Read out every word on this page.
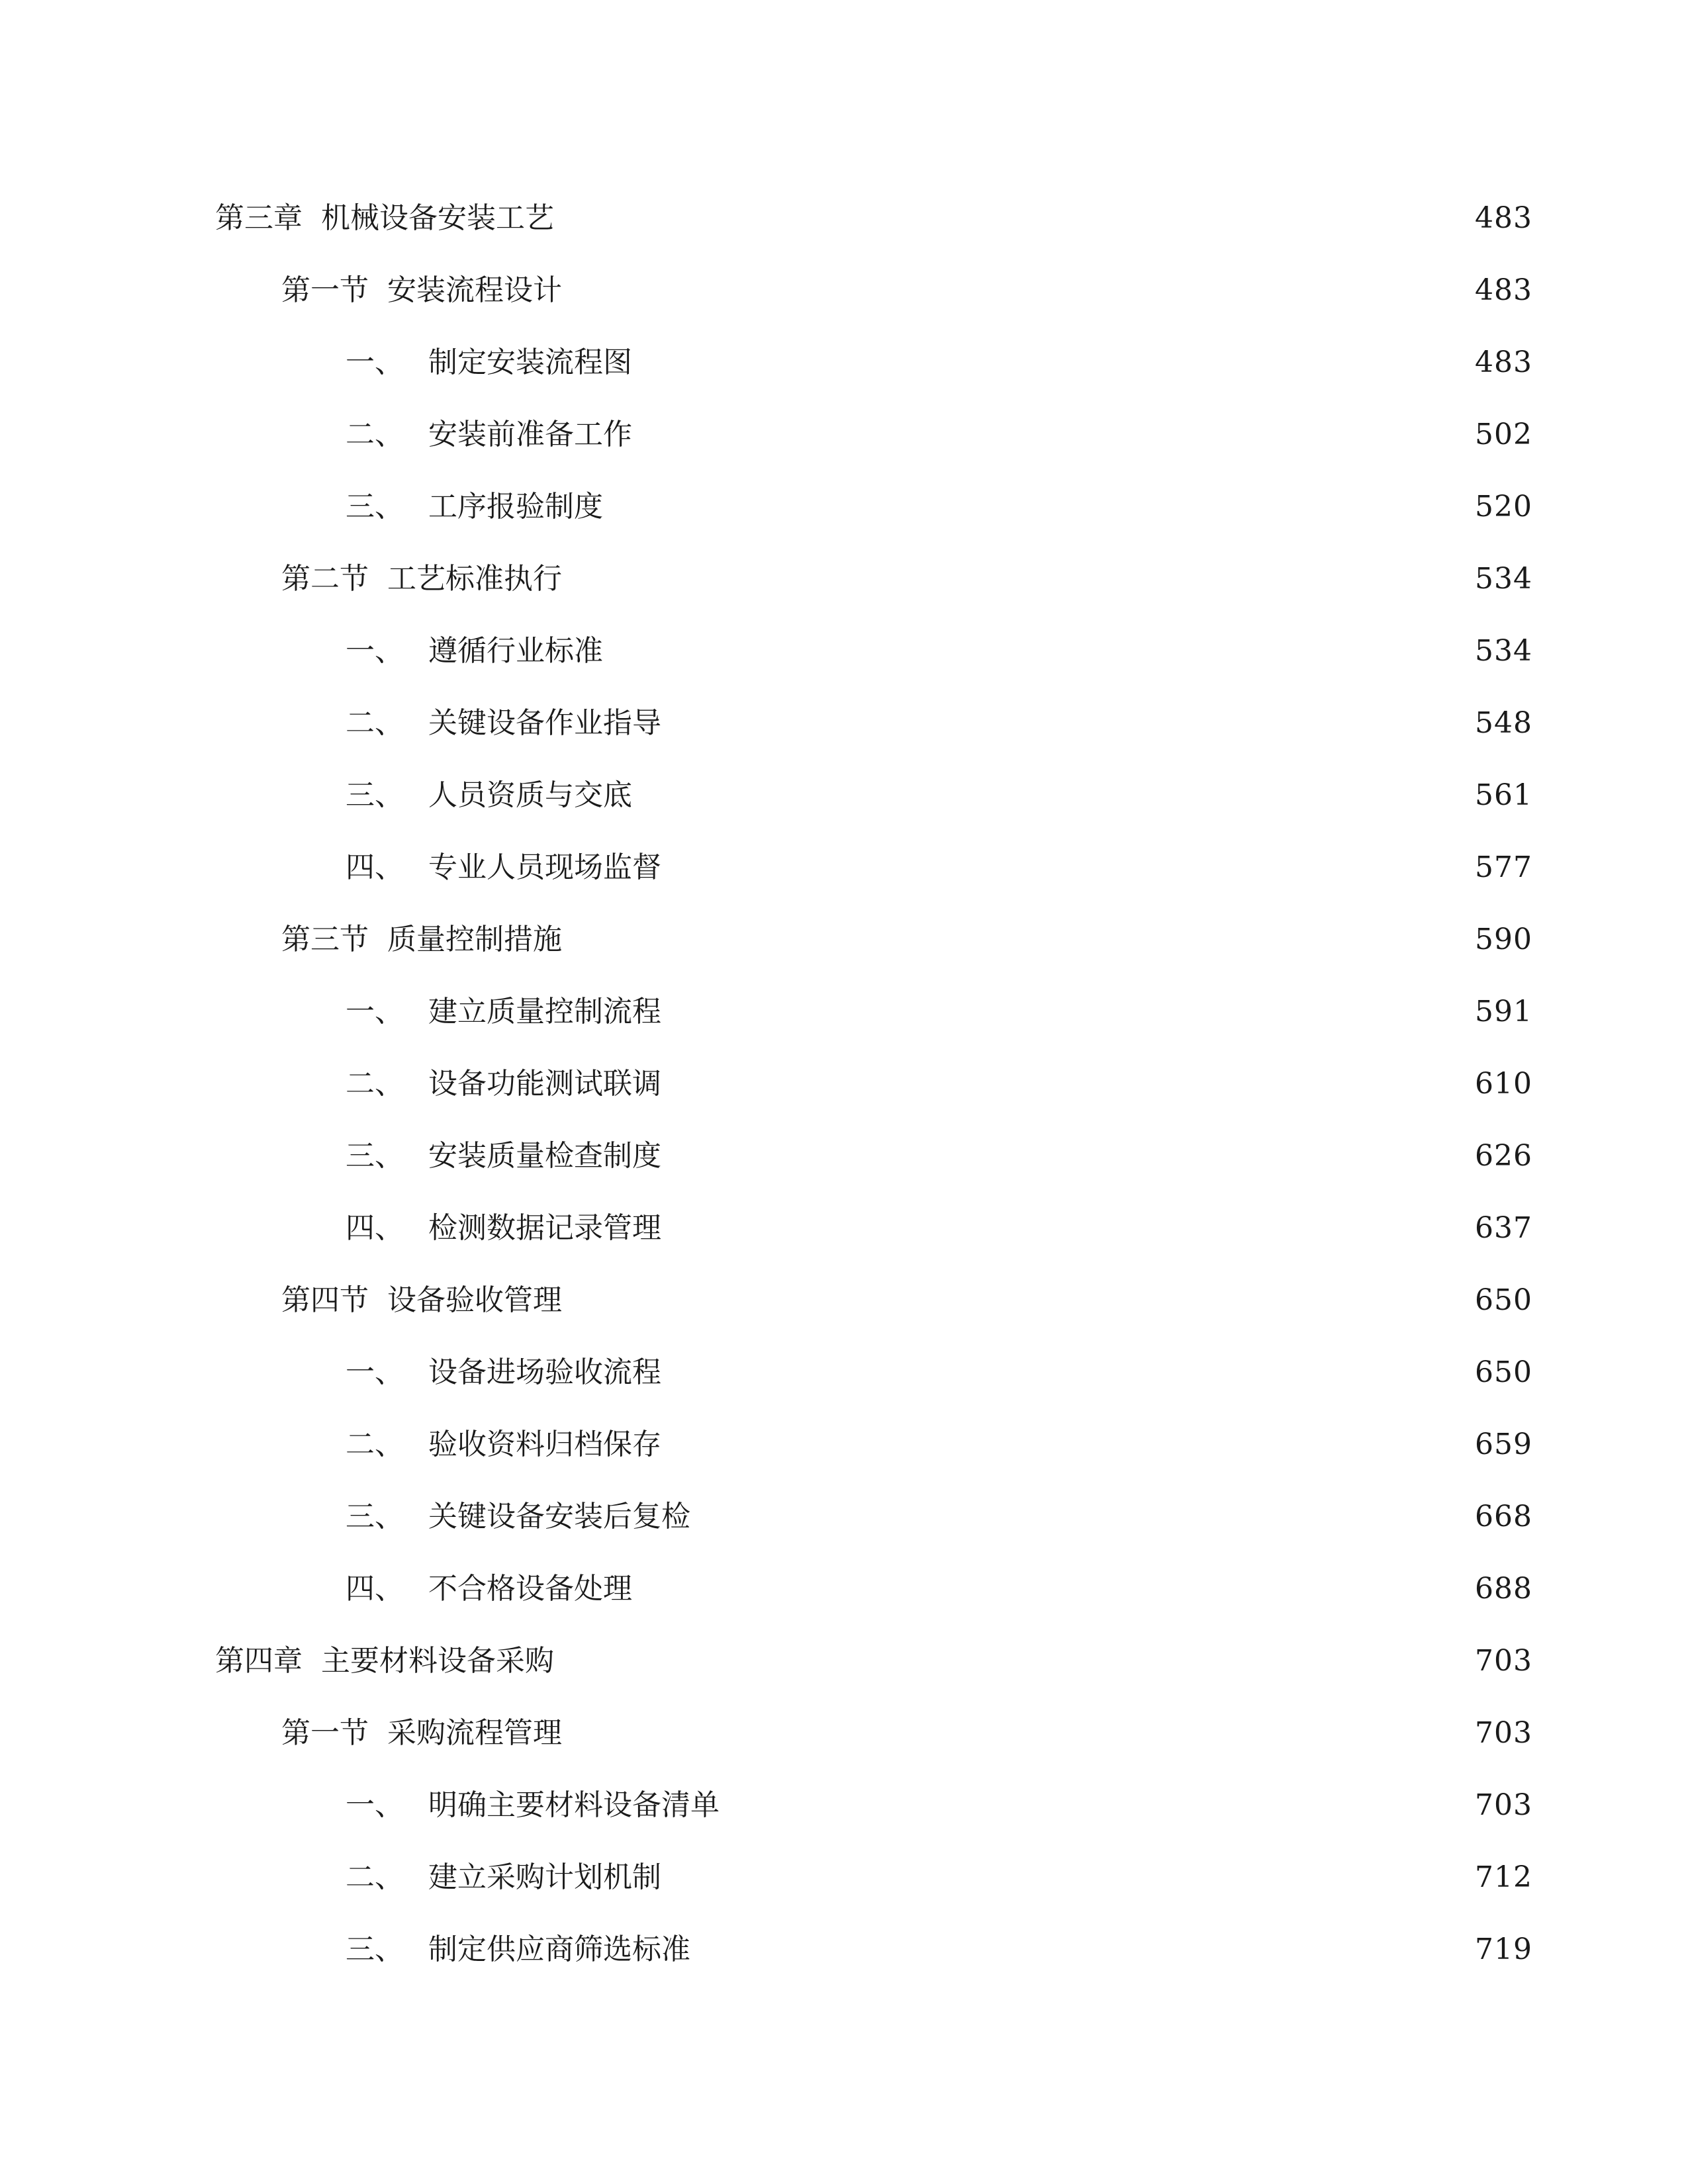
第三章 机械设备安装工艺	483
第一节 安装流程设计	483
一、 制定安装流程图	483
二、 安装前准备工作	502
三、 工序报验制度	520
第二节 工艺标准执行	534
一、 遵循行业标准	534
二、 关键设备作业指导	548
三、 人员资质与交底	561
四、 专业人员现场监督	577
第三节 质量控制措施	590
一、 建立质量控制流程	591
二、 设备功能测试联调	610
三、 安装质量检查制度	626
四、 检测数据记录管理	637
第四节 设备验收管理	650
一、 设备进场验收流程	650
二、 验收资料归档保存	659
三、 关键设备安装后复检	668
四、 不合格设备处理	688
第四章 主要材料设备采购	703
第一节 采购流程管理	703
一、 明确主要材料设备清单	703
二、 建立采购计划机制	712
三、 制定供应商筛选标准	719
